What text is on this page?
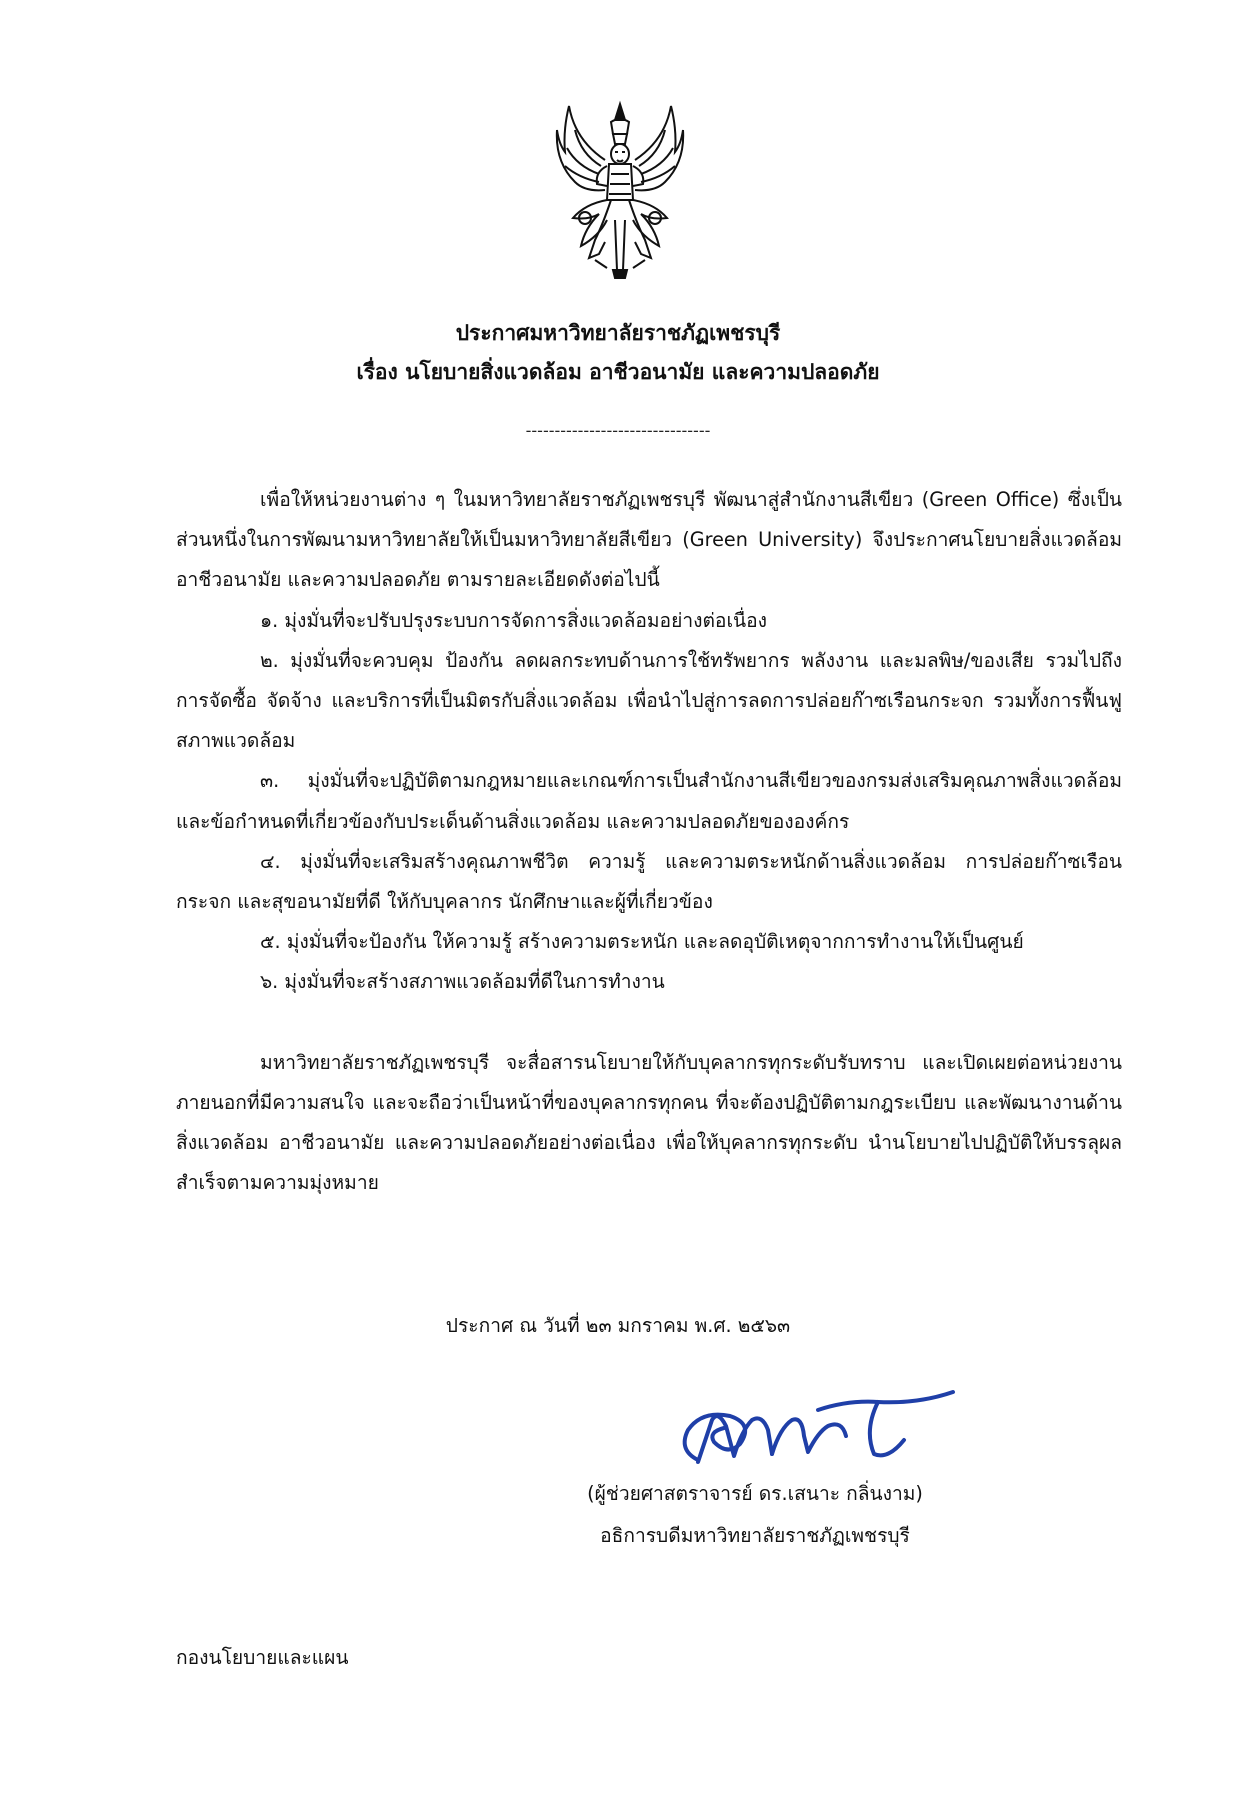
ประกาศมหาวิทยาลัยราชภัฏเพชรบุรี
เรื่อง นโยบายสิ่งแวดล้อม อาชีวอนามัย และความปลอดภัย
--------------------------------

เพื่อให้หน่วยงานต่าง ๆ ในมหาวิทยาลัยราชภัฏเพชรบุรี พัฒนาสู่สำนักงานสีเขียว (Green Office) ซึ่งเป็นส่วนหนึ่งในการพัฒนามหาวิทยาลัยให้เป็นมหาวิทยาลัยสีเขียว (Green University) จึงประกาศนโยบายสิ่งแวดล้อม อาชีวอนามัย และความปลอดภัย ตามรายละเอียดดังต่อไปนี้

๑. มุ่งมั่นที่จะปรับปรุงระบบการจัดการสิ่งแวดล้อมอย่างต่อเนื่อง

๒. มุ่งมั่นที่จะควบคุม ป้องกัน ลดผลกระทบด้านการใช้ทรัพยากร พลังงาน และมลพิษ/ของเสีย รวมไปถึงการจัดซื้อ จัดจ้าง และบริการที่เป็นมิตรกับสิ่งแวดล้อม เพื่อนำไปสู่การลดการปล่อยก๊าซเรือนกระจก รวมทั้งการฟื้นฟูสภาพแวดล้อม

๓. มุ่งมั่นที่จะปฏิบัติตามกฎหมายและเกณฑ์การเป็นสำนักงานสีเขียวของกรมส่งเสริมคุณภาพสิ่งแวดล้อม และข้อกำหนดที่เกี่ยวข้องกับประเด็นด้านสิ่งแวดล้อม และความปลอดภัยขององค์กร

๔. มุ่งมั่นที่จะเสริมสร้างคุณภาพชีวิต ความรู้ และความตระหนักด้านสิ่งแวดล้อม การปล่อยก๊าซเรือนกระจก และสุขอนามัยที่ดี ให้กับบุคลากร นักศึกษาและผู้ที่เกี่ยวข้อง

๕. มุ่งมั่นที่จะป้องกัน ให้ความรู้ สร้างความตระหนัก และลดอุบัติเหตุจากการทำงานให้เป็นศูนย์

๖. มุ่งมั่นที่จะสร้างสภาพแวดล้อมที่ดีในการทำงาน

มหาวิทยาลัยราชภัฏเพชรบุรี จะสื่อสารนโยบายให้กับบุคลากรทุกระดับรับทราบ และเปิดเผยต่อหน่วยงานภายนอกที่มีความสนใจ และจะถือว่าเป็นหน้าที่ของบุคลากรทุกคน ที่จะต้องปฏิบัติตามกฎระเบียบ และพัฒนางานด้านสิ่งแวดล้อม อาชีวอนามัย และความปลอดภัยอย่างต่อเนื่อง เพื่อให้บุคลากรทุกระดับ นำนโยบายไปปฏิบัติให้บรรลุผลสำเร็จตามความมุ่งหมาย

ประกาศ ณ วันที่ ๒๓ มกราคม พ.ศ. ๒๕๖๓
(ผู้ช่วยศาสตราจารย์ ดร.เสนาะ กลิ่นงาม)
อธิการบดีมหาวิทยาลัยราชภัฏเพชรบุรี
กองนโยบายและแผน
